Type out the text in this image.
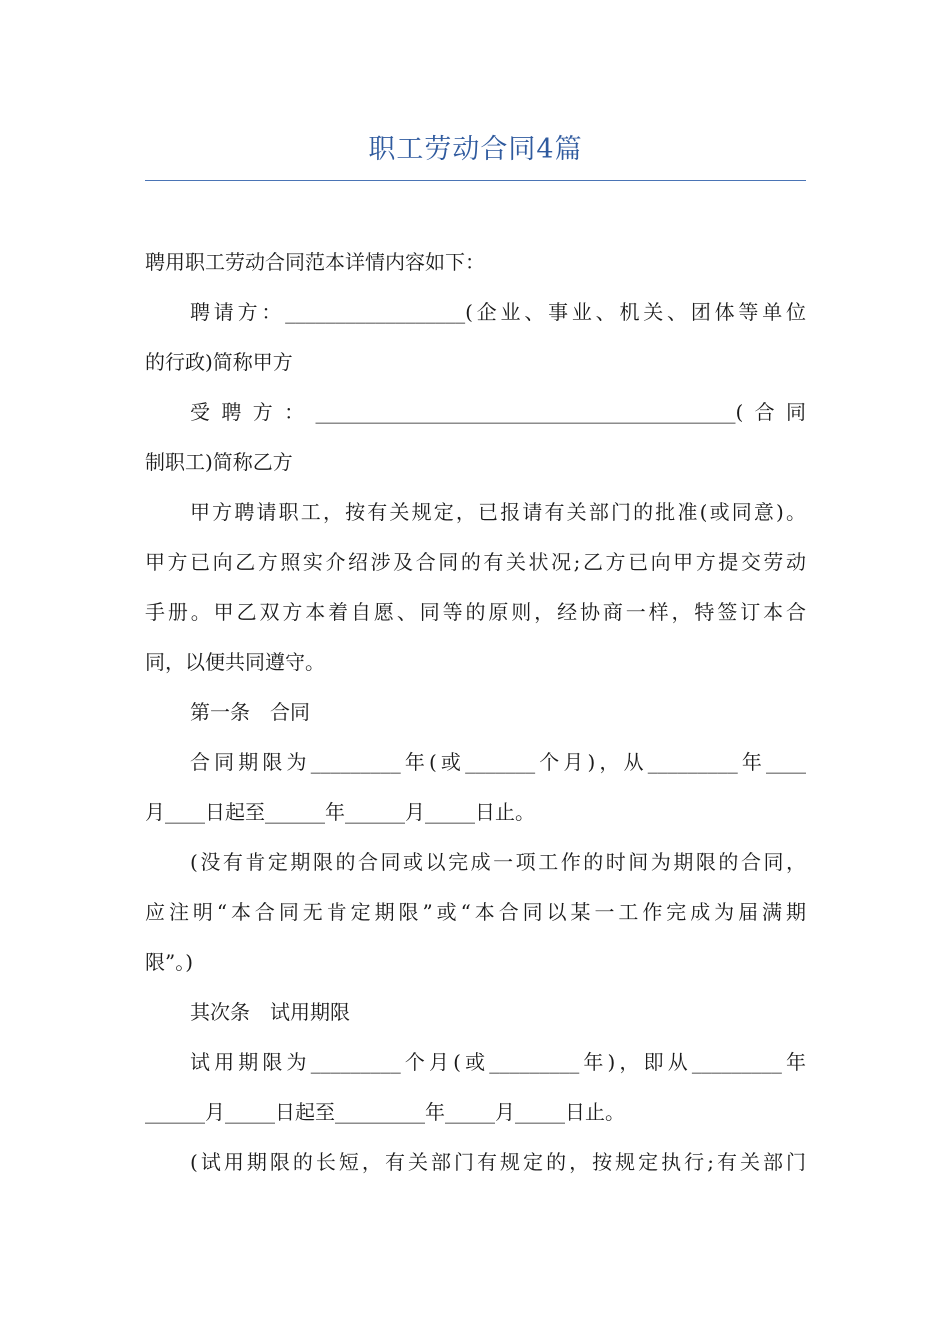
职工劳动合同4篇
聘用职工劳动合同范本详情内容如下：
聘请方：__________________(企业、事业、机关、团体等单位
的行政)简称甲方
受聘方：__________________________________________(合同
制职工)简称乙方
甲方聘请职工，按有关规定，已报请有关部门的批准(或同意)。
甲方已向乙方照实介绍涉及合同的有关状况;乙方已向甲方提交劳动
手册。甲乙双方本着自愿、同等的原则，经协商一样，特签订本合
同，以便共同遵守。
第一条　合同
合同期限为_________年(或_______个月)，从_________年____
月____日起至______年______月_____日止。
(没有肯定期限的合同或以完成一项工作的时间为期限的合同，
应注明“本合同无肯定期限”或“本合同以某一工作完成为届满期
限”。)
其次条　试用期限
试用期限为_________个月(或_________年)，即从_________年
______月_____日起至_________年_____月_____日止。
(试用期限的长短，有关部门有规定的，按规定执行;有关部门
